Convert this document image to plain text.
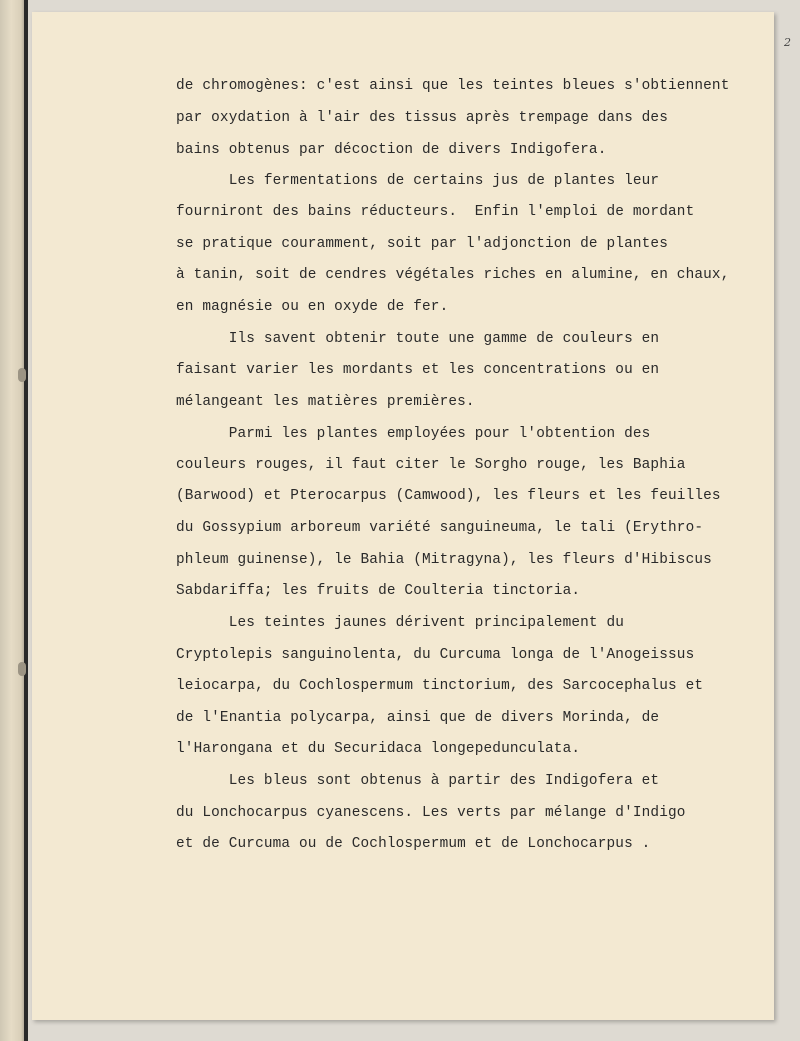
2
de chromogènes: c'est ainsi que les teintes bleues s'obtiennent
par oxydation à l'air des tissus après trempage dans des
bains obtenus par décoction de divers Indigofera.
Les fermentations de certains jus de plantes leur
fourniront des bains réducteurs.  Enfin l'emploi de mordant
se pratique couramment, soit par l'adjonction de plantes
à tanin, soit de cendres végétales riches en alumine, en chaux,
en magnésie ou en oxyde de fer.
Ils savent obtenir toute une gamme de couleurs en
faisant varier les mordants et les concentrations ou en
mélangeant les matières premières.
Parmi les plantes employées pour l'obtention des
couleurs rouges, il faut citer le Sorgho rouge, les Baphia
(Barwood) et Pterocarpus (Camwood), les fleurs et les feuilles
du Gossypium arboreum variété sanguineuma, le tali (Erythro-
phleum guinense), le Bahia (Mitragyna), les fleurs d'Hibiscus
Sabdariffa; les fruits de Coulteria tinctoria.
Les teintes jaunes dérivent principalement du
Cryptolepis sanguinolenta, du Curcuma longa de l'Anogeissus
leiocarpa, du Cochlospermum tinctorium, des Sarcocephalus et
de l'Enantia polycarpa, ainsi que de divers Morinda, de
l'Harongana et du Securidaca longepedunculata.
Les bleus sont obtenus à partir des Indigofera et
du Lonchocarpus cyanescens. Les verts par mélange d'Indigo
et de Curcuma ou de Cochlospermum et de Lonchocarpus .
